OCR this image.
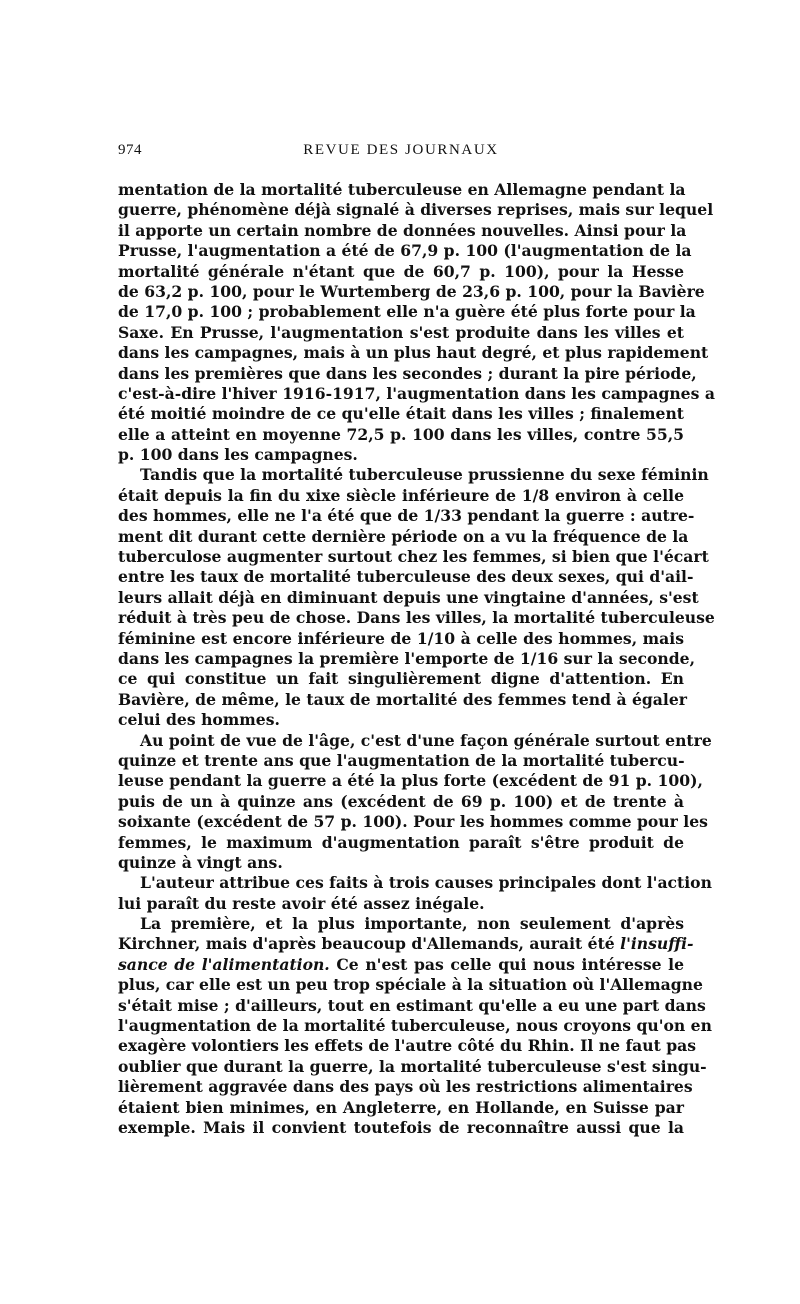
974	REVUE DES JOURNAUX
mentation de la mortalité tuberculeuse en Allemagne pendant la
guerre, phénomène déjà signalé à diverses reprises, mais sur lequel
il apporte un certain nombre de données nouvelles. Ainsi pour la
Prusse, l'augmentation a été de 67,9 p. 100 (l'augmentation de la
mortalité générale n'étant que de 60,7 p. 100), pour la Hesse
de 63,2 p. 100, pour le Wurtemberg de 23,6 p. 100, pour la Bavière
de 17,0 p. 100 ; probablement elle n'a guère été plus forte pour la
Saxe. En Prusse, l'augmentation s'est produite dans les villes et
dans les campagnes, mais à un plus haut degré, et plus rapidement
dans les premières que dans les secondes ; durant la pire période,
c'est-à-dire l'hiver 1916-1917, l'augmentation dans les campagnes a
été moitié moindre de ce qu'elle était dans les villes ; finalement
elle a atteint en moyenne 72,5 p. 100 dans les villes, contre 55,5
p. 100 dans les campagnes.
Tandis que la mortalité tuberculeuse prussienne du sexe féminin
était depuis la fin du xixe siècle inférieure de 1/8 environ à celle
des hommes, elle ne l'a été que de 1/33 pendant la guerre : autre-
ment dit durant cette dernière période on a vu la fréquence de la
tuberculose augmenter surtout chez les femmes, si bien que l'écart
entre les taux de mortalité tuberculeuse des deux sexes, qui d'ail-
leurs allait déjà en diminuant depuis une vingtaine d'années, s'est
réduit à très peu de chose. Dans les villes, la mortalité tuberculeuse
féminine est encore inférieure de 1/10 à celle des hommes, mais
dans les campagnes la première l'emporte de 1/16 sur la seconde,
ce qui constitue un fait singulièrement digne d'attention. En
Bavière, de même, le taux de mortalité des femmes tend à égaler
celui des hommes.
Au point de vue de l'âge, c'est d'une façon générale surtout entre
quinze et trente ans que l'augmentation de la mortalité tubercu-
leuse pendant la guerre a été la plus forte (excédent de 91 p. 100),
puis de un à quinze ans (excédent de 69 p. 100) et de trente à
soixante (excédent de 57 p. 100). Pour les hommes comme pour les
femmes, le maximum d'augmentation paraît s'être produit de
quinze à vingt ans.
L'auteur attribue ces faits à trois causes principales dont l'action
lui paraît du reste avoir été assez inégale.
La première, et la plus importante, non seulement d'après
Kirchner, mais d'après beaucoup d'Allemands, aurait été l'insuffi-
sance de l'alimentation. Ce n'est pas celle qui nous intéresse le
plus, car elle est un peu trop spéciale à la situation où l'Allemagne
s'était mise ; d'ailleurs, tout en estimant qu'elle a eu une part dans
l'augmentation de la mortalité tuberculeuse, nous croyons qu'on en
exagère volontiers les effets de l'autre côté du Rhin. Il ne faut pas
oublier que durant la guerre, la mortalité tuberculeuse s'est singu-
lièrement aggravée dans des pays où les restrictions alimentaires
étaient bien minimes, en Angleterre, en Hollande, en Suisse par
exemple. Mais il convient toutefois de reconnaître aussi que la
